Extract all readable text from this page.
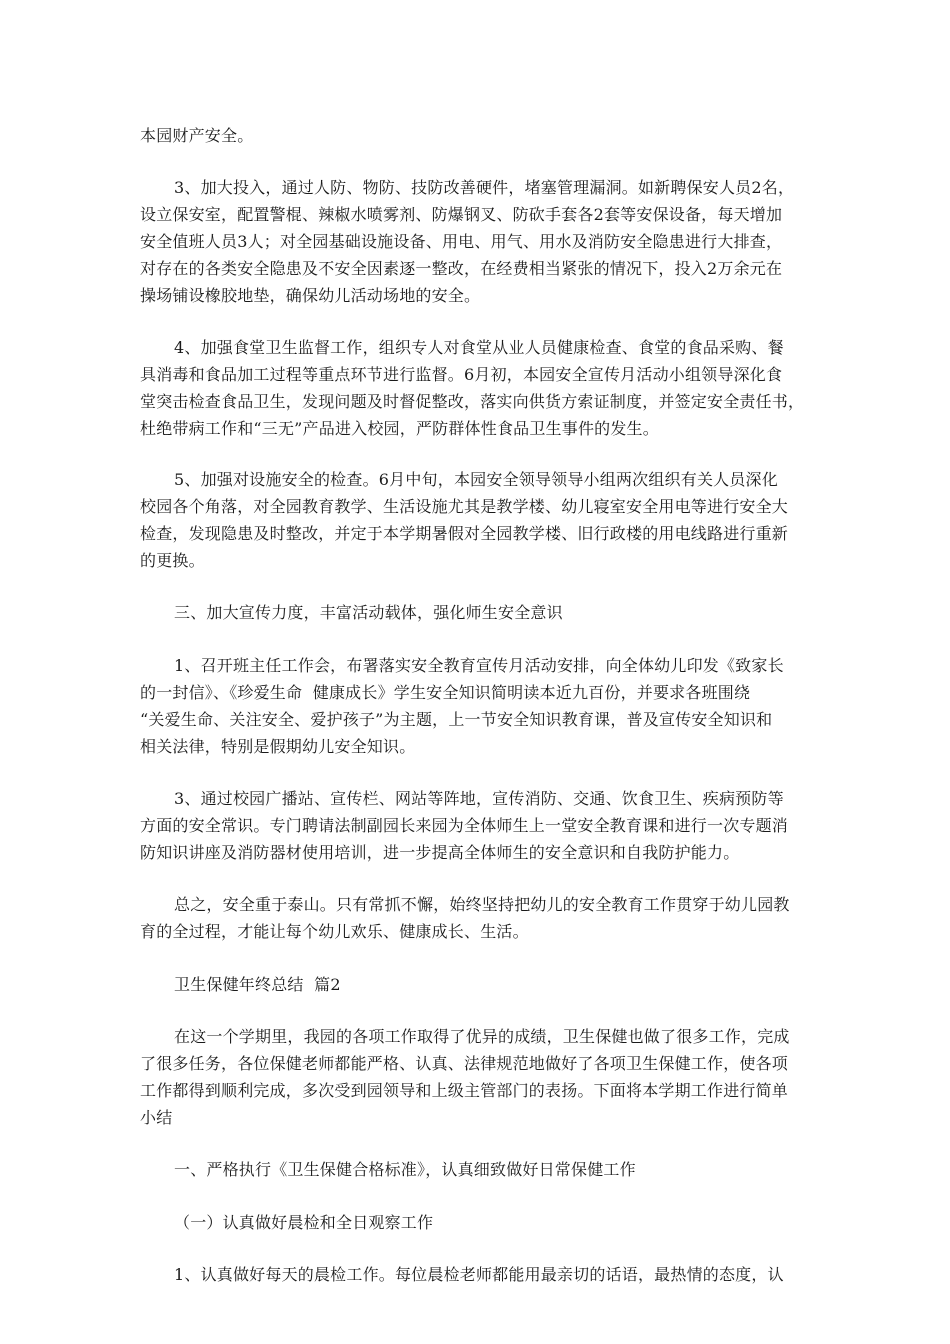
本园财产安全。
3、加大投入，通过人防、物防、技防改善硬件，堵塞管理漏洞。如新聘保安人员2名，
设立保安室，配置警棍、辣椒水喷雾剂、防爆钢叉、防砍手套各2套等安保设备，每天增加
安全值班人员3人；对全园基础设施设备、用电、用气、用水及消防安全隐患进行大排查，
对存在的各类安全隐患及不安全因素逐一整改，在经费相当紧张的情况下，投入2万余元在
操场铺设橡胶地垫，确保幼儿活动场地的安全。
4、加强食堂卫生监督工作，组织专人对食堂从业人员健康检查、食堂的食品采购、餐
具消毒和食品加工过程等重点环节进行监督。6月初，本园安全宣传月活动小组领导深化食
堂突击检查食品卫生，发现问题及时督促整改，落实向供货方索证制度，并签定安全责任书，
杜绝带病工作和“三无”产品进入校园，严防群体性食品卫生事件的发生。
5、加强对设施安全的检查。6月中旬，本园安全领导领导小组两次组织有关人员深化
校园各个角落，对全园教育教学、生活设施尤其是教学楼、幼儿寝室安全用电等进行安全大
检查，发现隐患及时整改，并定于本学期暑假对全园教学楼、旧行政楼的用电线路进行重新
的更换。
三、加大宣传力度，丰富活动载体，强化师生安全意识
1、召开班主任工作会，布署落实安全教育宣传月活动安排，向全体幼儿印发《致家长
的一封信》、《珍爱生命  健康成长》学生安全知识简明读本近九百份，并要求各班围绕
“关爱生命、关注安全、爱护孩子”为主题，上一节安全知识教育课，普及宣传安全知识和
相关法律，特别是假期幼儿安全知识。
3、通过校园广播站、宣传栏、网站等阵地，宣传消防、交通、饮食卫生、疾病预防等
方面的安全常识。专门聘请法制副园长来园为全体师生上一堂安全教育课和进行一次专题消
防知识讲座及消防器材使用培训，进一步提高全体师生的安全意识和自我防护能力。
总之，安全重于泰山。只有常抓不懈，始终坚持把幼儿的安全教育工作贯穿于幼儿园教
育的全过程，才能让每个幼儿欢乐、健康成长、生活。
卫生保健年终总结  篇2
在这一个学期里，我园的各项工作取得了优异的成绩，卫生保健也做了很多工作，完成
了很多任务，各位保健老师都能严格、认真、法律规范地做好了各项卫生保健工作，使各项
工作都得到顺利完成，多次受到园领导和上级主管部门的表扬。下面将本学期工作进行简单
小结
一、严格执行《卫生保健合格标准》，认真细致做好日常保健工作
（一）认真做好晨检和全日观察工作
1、认真做好每天的晨检工作。每位晨检老师都能用最亲切的话语，最热情的态度，认
